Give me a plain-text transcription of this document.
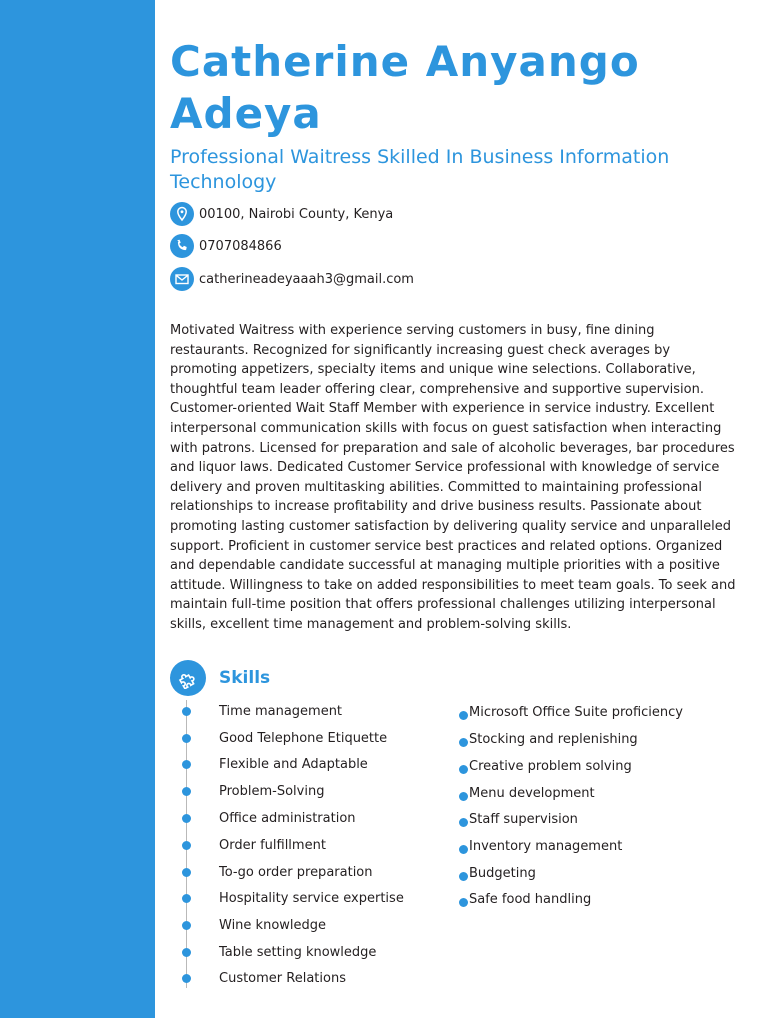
Catherine Anyango Adeya

Professional Waitress Skilled In Business Information Technology

00100, Nairobi County, Kenya
0707084866
catherineadeyaaah3@gmail.com

Motivated Waitress with experience serving customers in busy, fine dining restaurants. Recognized for significantly increasing guest check averages by promoting appetizers, specialty items and unique wine selections. Collaborative, thoughtful team leader offering clear, comprehensive and supportive supervision. Customer-oriented Wait Staff Member with experience in service industry. Excellent interpersonal communication skills with focus on guest satisfaction when interacting with patrons. Licensed for preparation and sale of alcoholic beverages, bar procedures and liquor laws. Dedicated Customer Service professional with knowledge of service delivery and proven multitasking abilities. Committed to maintaining professional relationships to increase profitability and drive business results. Passionate about promoting lasting customer satisfaction by delivering quality service and unparalleled support. Proficient in customer service best practices and related options. Organized and dependable candidate successful at managing multiple priorities with a positive attitude. Willingness to take on added responsibilities to meet team goals. To seek and maintain full-time position that offers professional challenges utilizing interpersonal skills, excellent time management and problem-solving skills.

Skills
Time management
Good Telephone Etiquette
Flexible and Adaptable
Problem-Solving
Office administration
Order fulfillment
To-go order preparation
Hospitality service expertise
Wine knowledge
Table setting knowledge
Customer Relations
Microsoft Office Suite proficiency
Stocking and replenishing
Creative problem solving
Menu development
Staff supervision
Inventory management
Budgeting
Safe food handling
